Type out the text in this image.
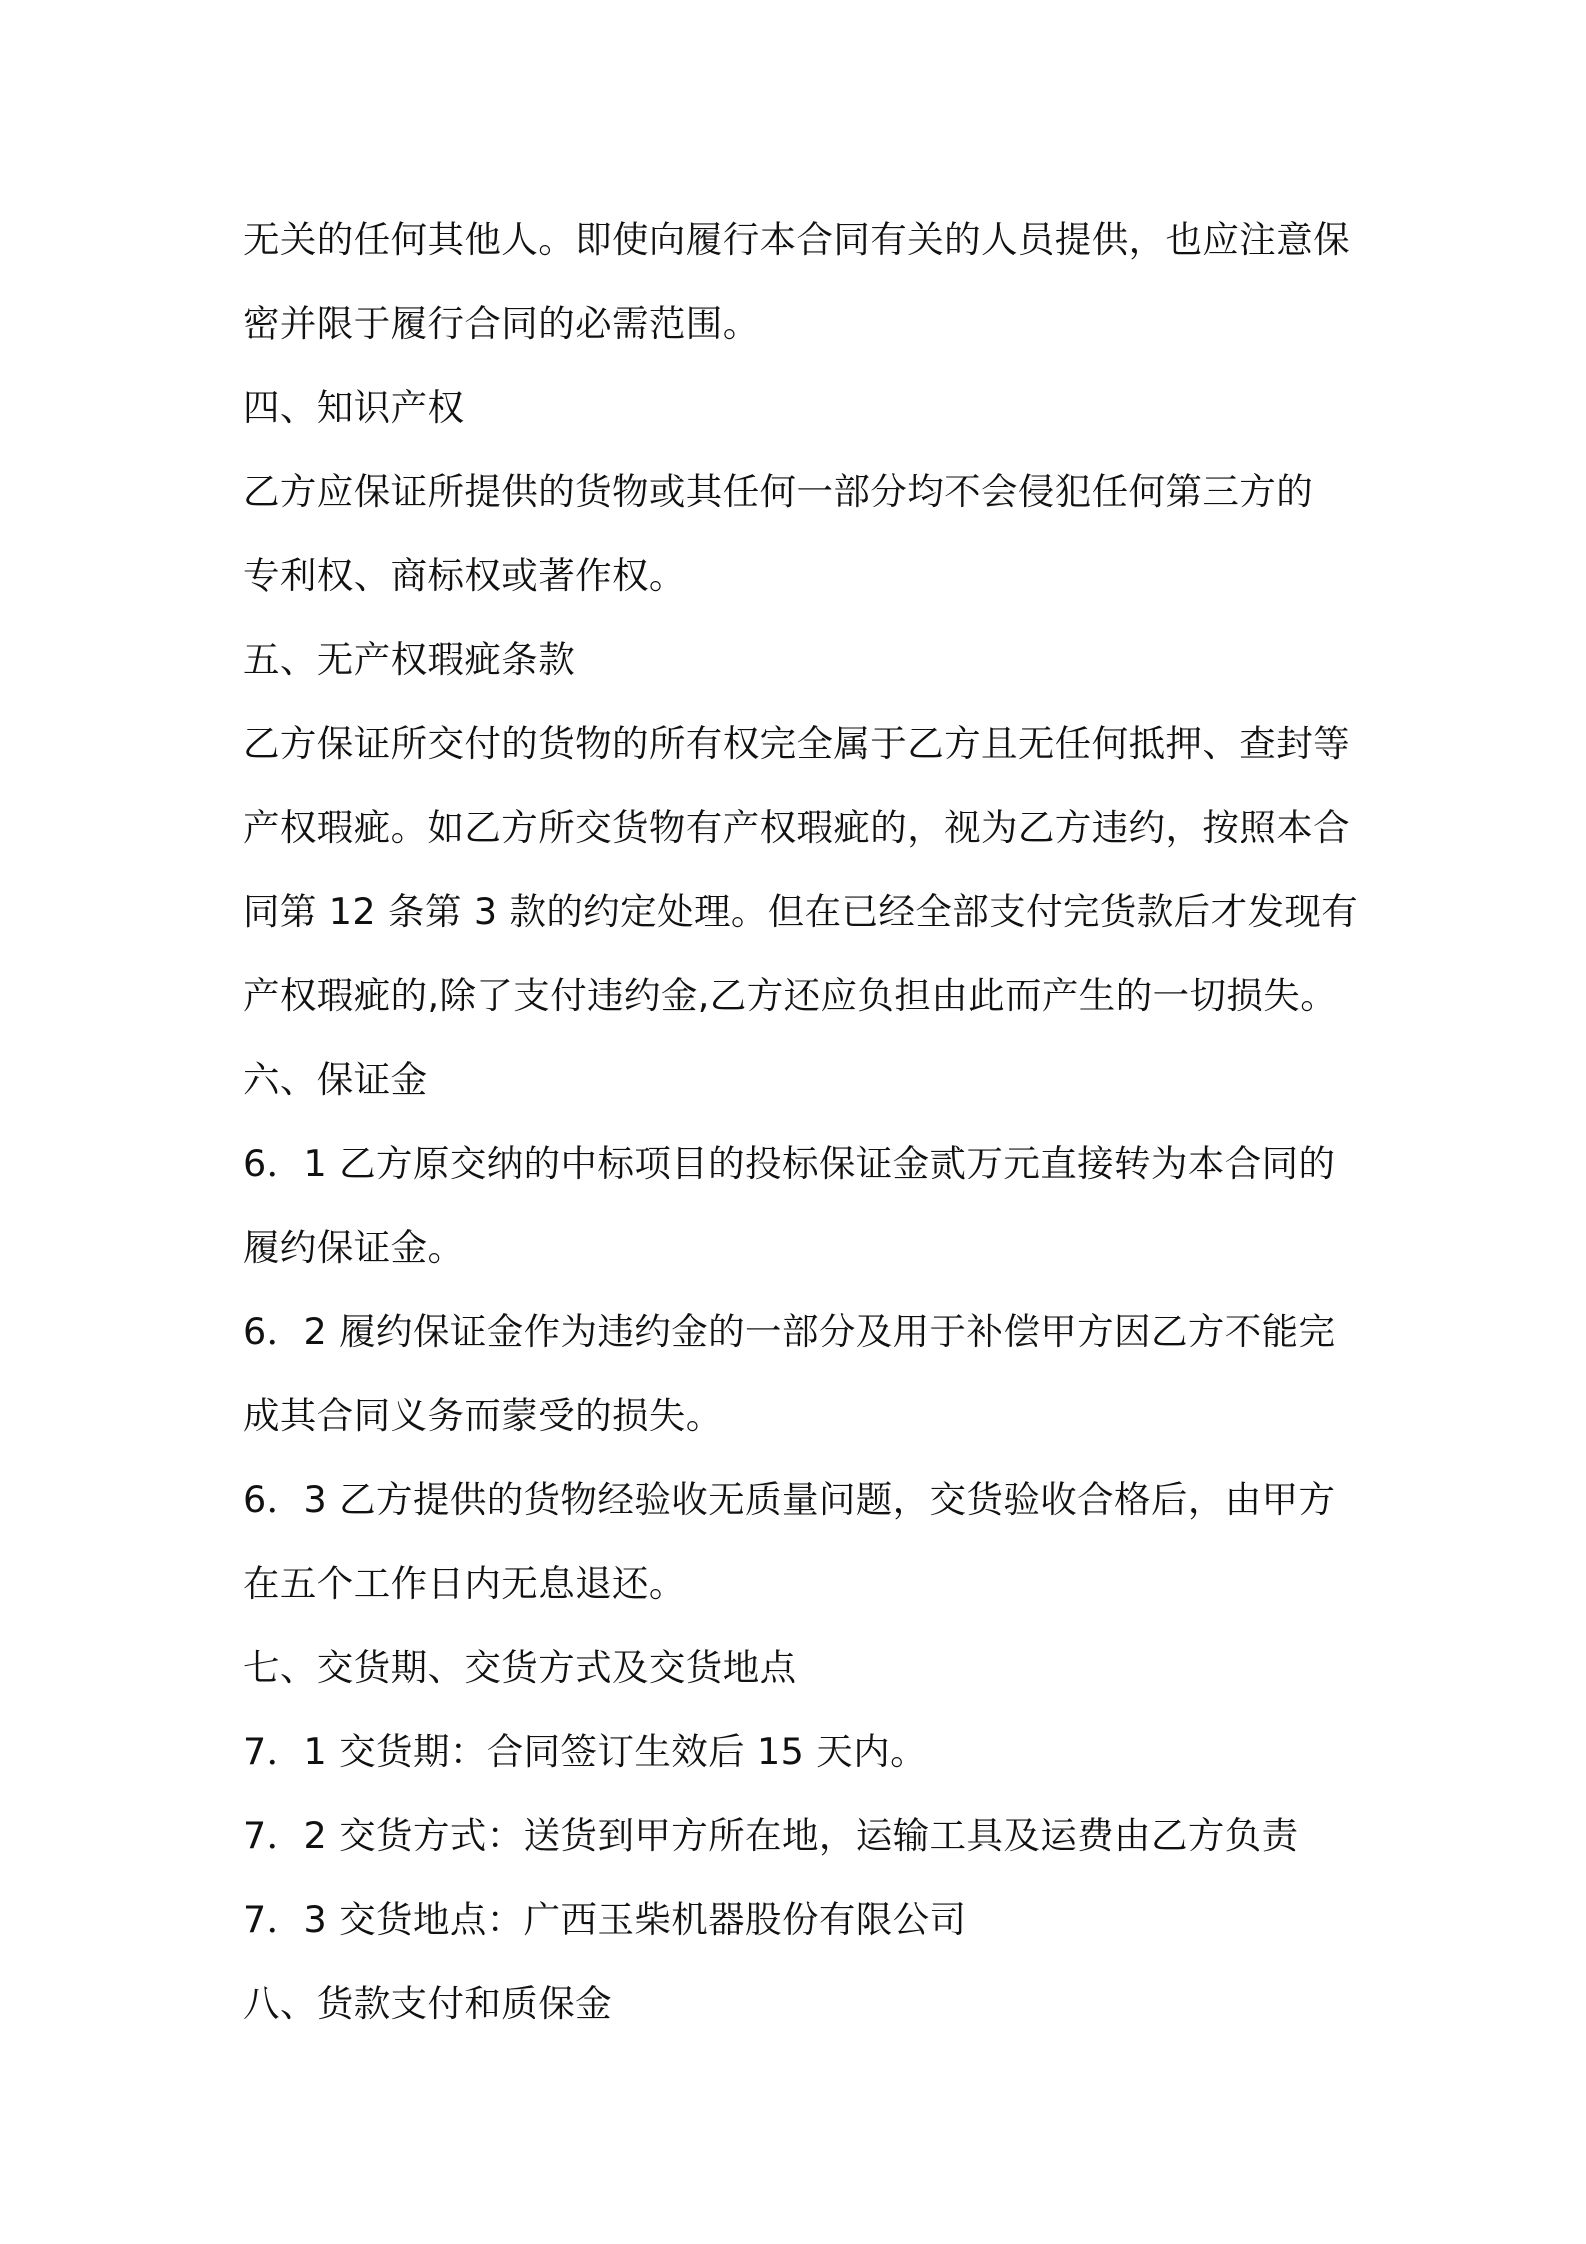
无关的任何其他人。即使向履行本合同有关的人员提供，也应注意保
密并限于履行合同的必需范围。
四、知识产权
乙方应保证所提供的货物或其任何一部分均不会侵犯任何第三方的
专利权、商标权或著作权。
五、无产权瑕疵条款
乙方保证所交付的货物的所有权完全属于乙方且无任何抵押、查封等
产权瑕疵。如乙方所交货物有产权瑕疵的，视为乙方违约，按照本合
同第 12 条第 3 款的约定处理。但在已经全部支付完货款后才发现有
产权瑕疵的,除了支付违约金,乙方还应负担由此而产生的一切损失。
六、保证金
6．1 乙方原交纳的中标项目的投标保证金贰万元直接转为本合同的
履约保证金。
6．2 履约保证金作为违约金的一部分及用于补偿甲方因乙方不能完
成其合同义务而蒙受的损失。
6．3 乙方提供的货物经验收无质量问题，交货验收合格后，由甲方
在五个工作日内无息退还。
七、交货期、交货方式及交货地点
7．1 交货期：合同签订生效后 15 天内。
7．2 交货方式：送货到甲方所在地，运输工具及运费由乙方负责
7．3 交货地点：广西玉柴机器股份有限公司
八、货款支付和质保金
